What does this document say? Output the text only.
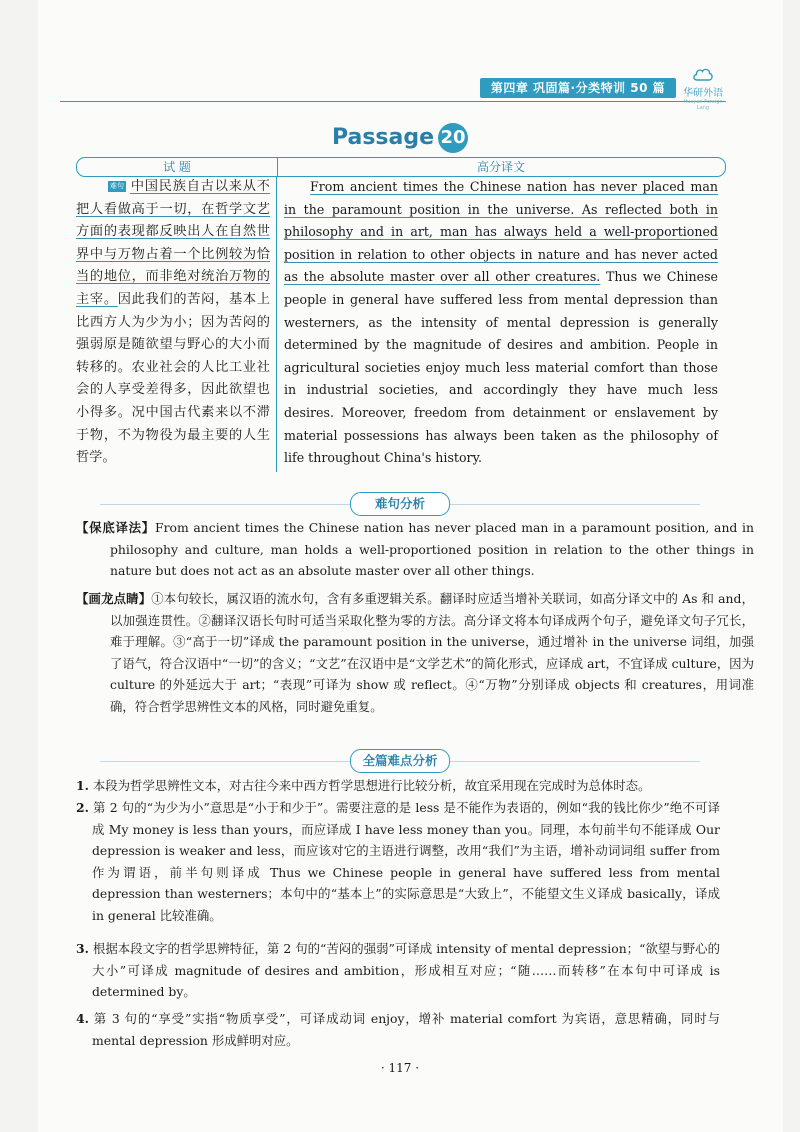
第四章 巩固篇·分类特训 50 篇	华研外语
Huayan Foreign Lang
Passage 20
试 题	高分译文
难句 中国民族自古以来从不把人看做高于一切，在哲学文艺方面的表现都反映出人在自然世界中与万物占着一个比例较为恰当的地位，而非绝对统治万物的主宰。因此我们的苦闷，基本上比西方人为少为小；因为苦闷的强弱原是随欲望与野心的大小而转移的。农业社会的人比工业社会的人享受差得多，因此欲望也小得多。况中国古代素来以不滞于物，不为物役为最主要的人生哲学。
From ancient times the Chinese nation has never placed man in the paramount position in the universe. As reflected both in philosophy and in art, man has always held a well-proportioned position in relation to other objects in nature and has never acted as the absolute master over all other creatures. Thus we Chinese people in general have suffered less from mental depression than westerners, as the intensity of mental depression is generally determined by the magnitude of desires and ambition. People in agricultural societies enjoy much less material comfort than those in industrial societies, and accordingly they have much less desires. Moreover, freedom from detainment or enslavement by material possessions has always been taken as the philosophy of life throughout China's history.
难句分析
【保底译法】From ancient times the Chinese nation has never placed man in a paramount position, and in philosophy and culture, man holds a well-proportioned position in relation to the other things in nature but does not act as an absolute master over all other things.
【画龙点睛】①本句较长，属汉语的流水句，含有多重逻辑关系。翻译时应适当增补关联词，如高分译文中的 As 和 and，以加强连贯性。②翻译汉语长句时可适当采取化整为零的方法。高分译文将本句译成两个句子，避免译文句子冗长，难于理解。③“高于一切”译成 the paramount position in the universe，通过增补 in the universe 词组，加强了语气，符合汉语中“一切”的含义；“文艺”在汉语中是“文学艺术”的简化形式，应译成 art，不宜译成 culture，因为 culture 的外延远大于 art；“表现”可译为 show 或 reflect。④“万物”分别译成 objects 和 creatures，用词准确，符合哲学思辨性文本的风格，同时避免重复。
全篇难点分析
1. 本段为哲学思辨性文本，对古往今来中西方哲学思想进行比较分析，故宜采用现在完成时为总体时态。
2. 第 2 句的“为少为小”意思是“小于和少于”。需要注意的是 less 是不能作为表语的，例如“我的钱比你少”绝不可译成 My money is less than yours，而应译成 I have less money than you。同理，本句前半句不能译成 Our depression is weaker and less，而应该对它的主语进行调整，改用“我们”为主语，增补动词词组 suffer from 作为谓语，前半句则译成 Thus we Chinese people in general have suffered less from mental depression than westerners；本句中的“基本上”的实际意思是“大致上”，不能望文生义译成 basically，译成 in general 比较准确。
3. 根据本段文字的哲学思辨特征，第 2 句的“苦闷的强弱”可译成 intensity of mental depression；“欲望与野心的大小”可译成 magnitude of desires and ambition，形成相互对应；“随……而转移”在本句中可译成 is determined by。
4. 第 3 句的“享受”实指“物质享受”，可译成动词 enjoy，增补 material comfort 为宾语，意思精确，同时与 mental depression 形成鲜明对应。
· 117 ·
